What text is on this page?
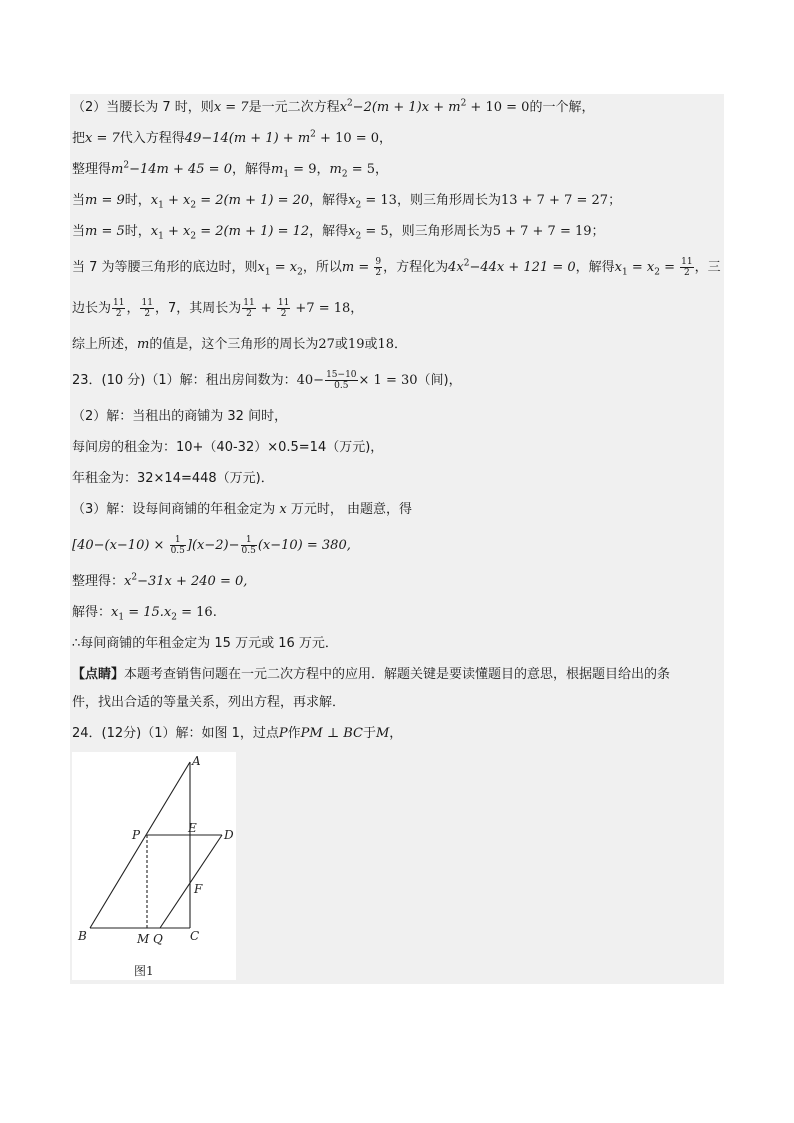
（2）当腰长为 7 时，则x = 7是一元二次方程$x^2-2(m + 1)x + m^2 + 10 = 0$的一个解，
把x = 7代入方程得$49-14(m + 1) + m^2 + 10 = 0$，
整理得$m^2-14m + 45 = 0$，解得$m_1 = 9$，$m_2 = 5$，
当m = 9时，$x_1 + x_2 = 2(m + 1) = 20$，解得$x_2 = 13$，则三角形周长为13 + 7 + 7 = 27；
当m = 5时，$x_1 + x_2 = 2(m + 1) = 12$，解得$x_2 = 5$，则三角形周长为5 + 7 + 7 = 19；
当 7 为等腰三角形的底边时，则$x_1 = x_2$，所以$m = \frac{9}{2}$ ，方程化为$4x^2-44x + 121 = 0$，解得$x_1 = x_2 = \frac{11}{2}$ ，三
边长为 $\frac{11}{2}$ ， $\frac{11}{2}$ ，7，其周长为 $\frac{11}{2} + \frac{11}{2} +7 = 18$，
综上所述，m的值是，这个三角形的周长为27或19或18．
23．(10 分)（1）解：租出房间数为：$40- \frac{15-10}{0.5} \times 1 = 30$（间)，
（2）解：当租出的商铺为 32 间时，
每间房的租金为：10+（40-32）×0.5=14（万元)，
年租金为：32×14=448（万元)．
（3）解：设每间商铺的年租金定为 x 万元时， 由题意，得
$[40-(x-10) \times \frac{1}{0.5} ](x-2)- \frac{1}{0.5} (x-10) = 380$,
整理得：$x^2-31x + 240 = 0$,
解得：$x_1 = 15.x_2 = 16$.
∴每间商铺的年租金定为 15 万元或 16 万元．
【点睛】本题考查销售问题在一元二次方程中的应用．解题关键是要读懂题目的意思，根据题目给出的条
件，找出合适的等量关系，列出方程，再求解．
24．(12分)（1）解：如图 1，过点P作PM ⊥ BC于M，
A
E D
P
F
B	M Q C
图1
